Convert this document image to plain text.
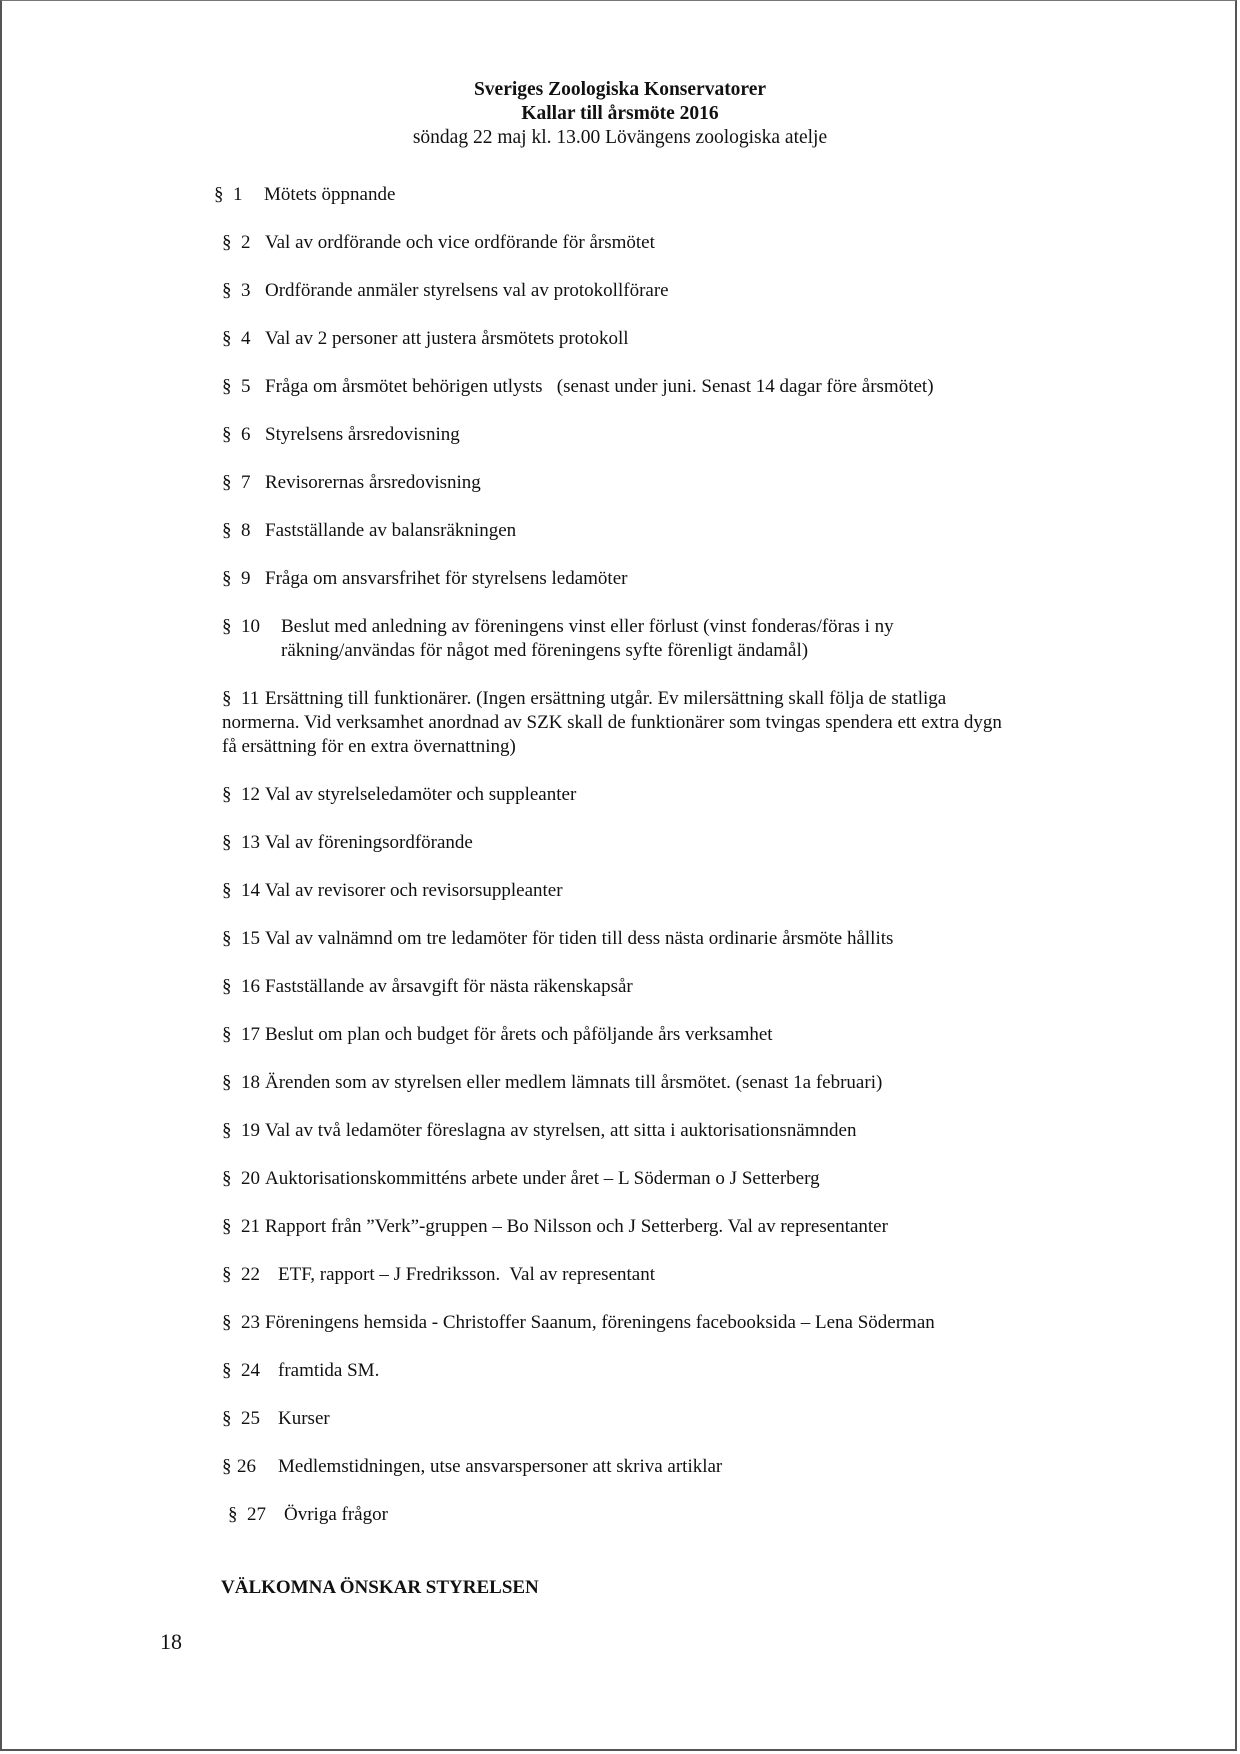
Sveriges Zoologiska Konservatorer
Kallar till årsmöte 2016
söndag 22 maj kl. 13.00 Lövängens zoologiska atelje
§ 1 Mötets öppnande
§ 2 Val av ordförande och vice ordförande för årsmötet
§ 3 Ordförande anmäler styrelsens val av protokollförare
§ 4 Val av 2 personer att justera årsmötets protokoll
§ 5 Fråga om årsmötet behörigen utlysts   (senast under juni. Senast 14 dagar före årsmötet)
§ 6 Styrelsens årsredovisning
§ 7 Revisorernas årsredovisning
§ 8 Fastställande av balansräkningen
§ 9 Fråga om ansvarsfrihet för styrelsens ledamöter
§ 10 Beslut med anledning av föreningens vinst eller förlust (vinst fonderas/föras i ny
räkning/användas för något med föreningens syfte förenligt ändamål)
§ 11 Ersättning till funktionärer. (Ingen ersättning utgår. Ev milersättning skall följa de statliga
normerna. Vid verksamhet anordnad av SZK skall de funktionärer som tvingas spendera ett extra dygn
få ersättning för en extra övernattning)
§ 12 Val av styrelseledamöter och suppleanter
§ 13 Val av föreningsordförande
§ 14 Val av revisorer och revisorsuppleanter
§ 15 Val av valnämnd om tre ledamöter för tiden till dess nästa ordinarie årsmöte hållits
§ 16 Fastställande av årsavgift för nästa räkenskapsår
§ 17 Beslut om plan och budget för årets och påföljande års verksamhet
§ 18 Ärenden som av styrelsen eller medlem lämnats till årsmötet. (senast 1a februari)
§ 19 Val av två ledamöter föreslagna av styrelsen, att sitta i auktorisationsnämnden
§ 20 Auktorisationskommitténs arbete under året – L Söderman o J Setterberg
§ 21 Rapport från ”Verk”-gruppen – Bo Nilsson och J Setterberg. Val av representanter
§ 22 ETF, rapport – J Fredriksson.  Val av representant
§ 23 Föreningens hemsida - Christoffer Saanum, föreningens facebooksida – Lena Söderman
§ 24 framtida SM.
§ 25 Kurser
§ 26 Medlemstidningen, utse ansvarspersoner att skriva artiklar
§ 27 Övriga frågor
VÄLKOMNA ÖNSKAR STYRELSEN
18
